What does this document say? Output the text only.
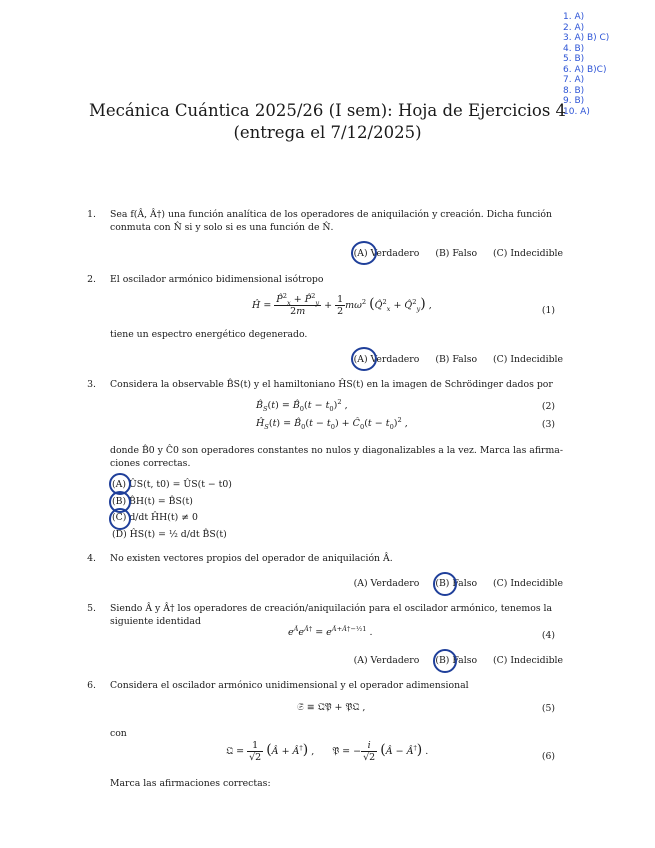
1. A)
2. A)
3. A) B) C)
4. B)
5. B)
6. A) B)C)
7. A)
8. B)
9. B)
10. A)
Mecánica Cuántica 2025/26 (I sem): Hoja de Ejercicios 4
(entrega el 7/12/2025)
1. Sea f(Â, Â†) una función analítica de los operadores de aniquilación y creación. Dicha función
conmuta con N̂ si y solo si es una función de N̂.
(A) Verdadero (B) Falso (C) Indecidible
2. El oscilador armónico bidimensional isótropo
Ĥ = $\frac{P̂^2_x + P̂^2_y}{2m} + \frac{1}{2} m\omega^2$ (Q̂$^2_x$ + Q̂$^2_y$) ,	(1)
tiene un espectro energético degenerado.
(A) Verdadero (B) Falso (C) Indecidible
3. Considera la observable B̂S(t) y el hamiltoniano ĤS(t) en la imagen de Schrödinger dados por
$B̂_S(t)$ = $B̂_0(t - t_0)^2$ ,	(2)
$Ĥ_S(t)$ = $B̂_0(t - t_0)$ + $Ĉ_0(t - t_0)^2$ ,	(3)
donde B̂0 y Ĉ0 son operadores constantes no nulos y diagonalizables a la vez. Marca las afirma-
ciones correctas.
(A) ÛS(t, t0) = ÛS(t − t0)
(B) B̂H(t) = B̂S(t)
(C) d/dt ĤH(t) ≠ 0
(D) ĤS(t) = ½ d/dt B̂S(t)
4. No existen vectores propios del operador de aniquilación Â.
(A) Verdadero (B) Falso (C) Indecidible
5. Siendo Â y Â† los operadores de creación/aniquilación para el oscilador armónico, tenemos la
siguiente identidad
$e^Âe^{Â\dagger} = e^{Â+Â\dagger-\frac{1}{2}1}$ .	(4)
(A) Verdadero (B) Falso (C) Indecidible
6. Considera el oscilador armónico unidimensional y el operador adimensional
𝔖̂ ≡ 𝔔̂𝔓̂ + 𝔓̂𝔔̂ ,	(5)
con
𝔔̂ = $\frac{1}{√2}$ (Â + Â†) ,      𝔓̂ = − $\frac{i}{√2}$ (Â − Â†) .	(6)
Marca las afirmaciones correctas:
